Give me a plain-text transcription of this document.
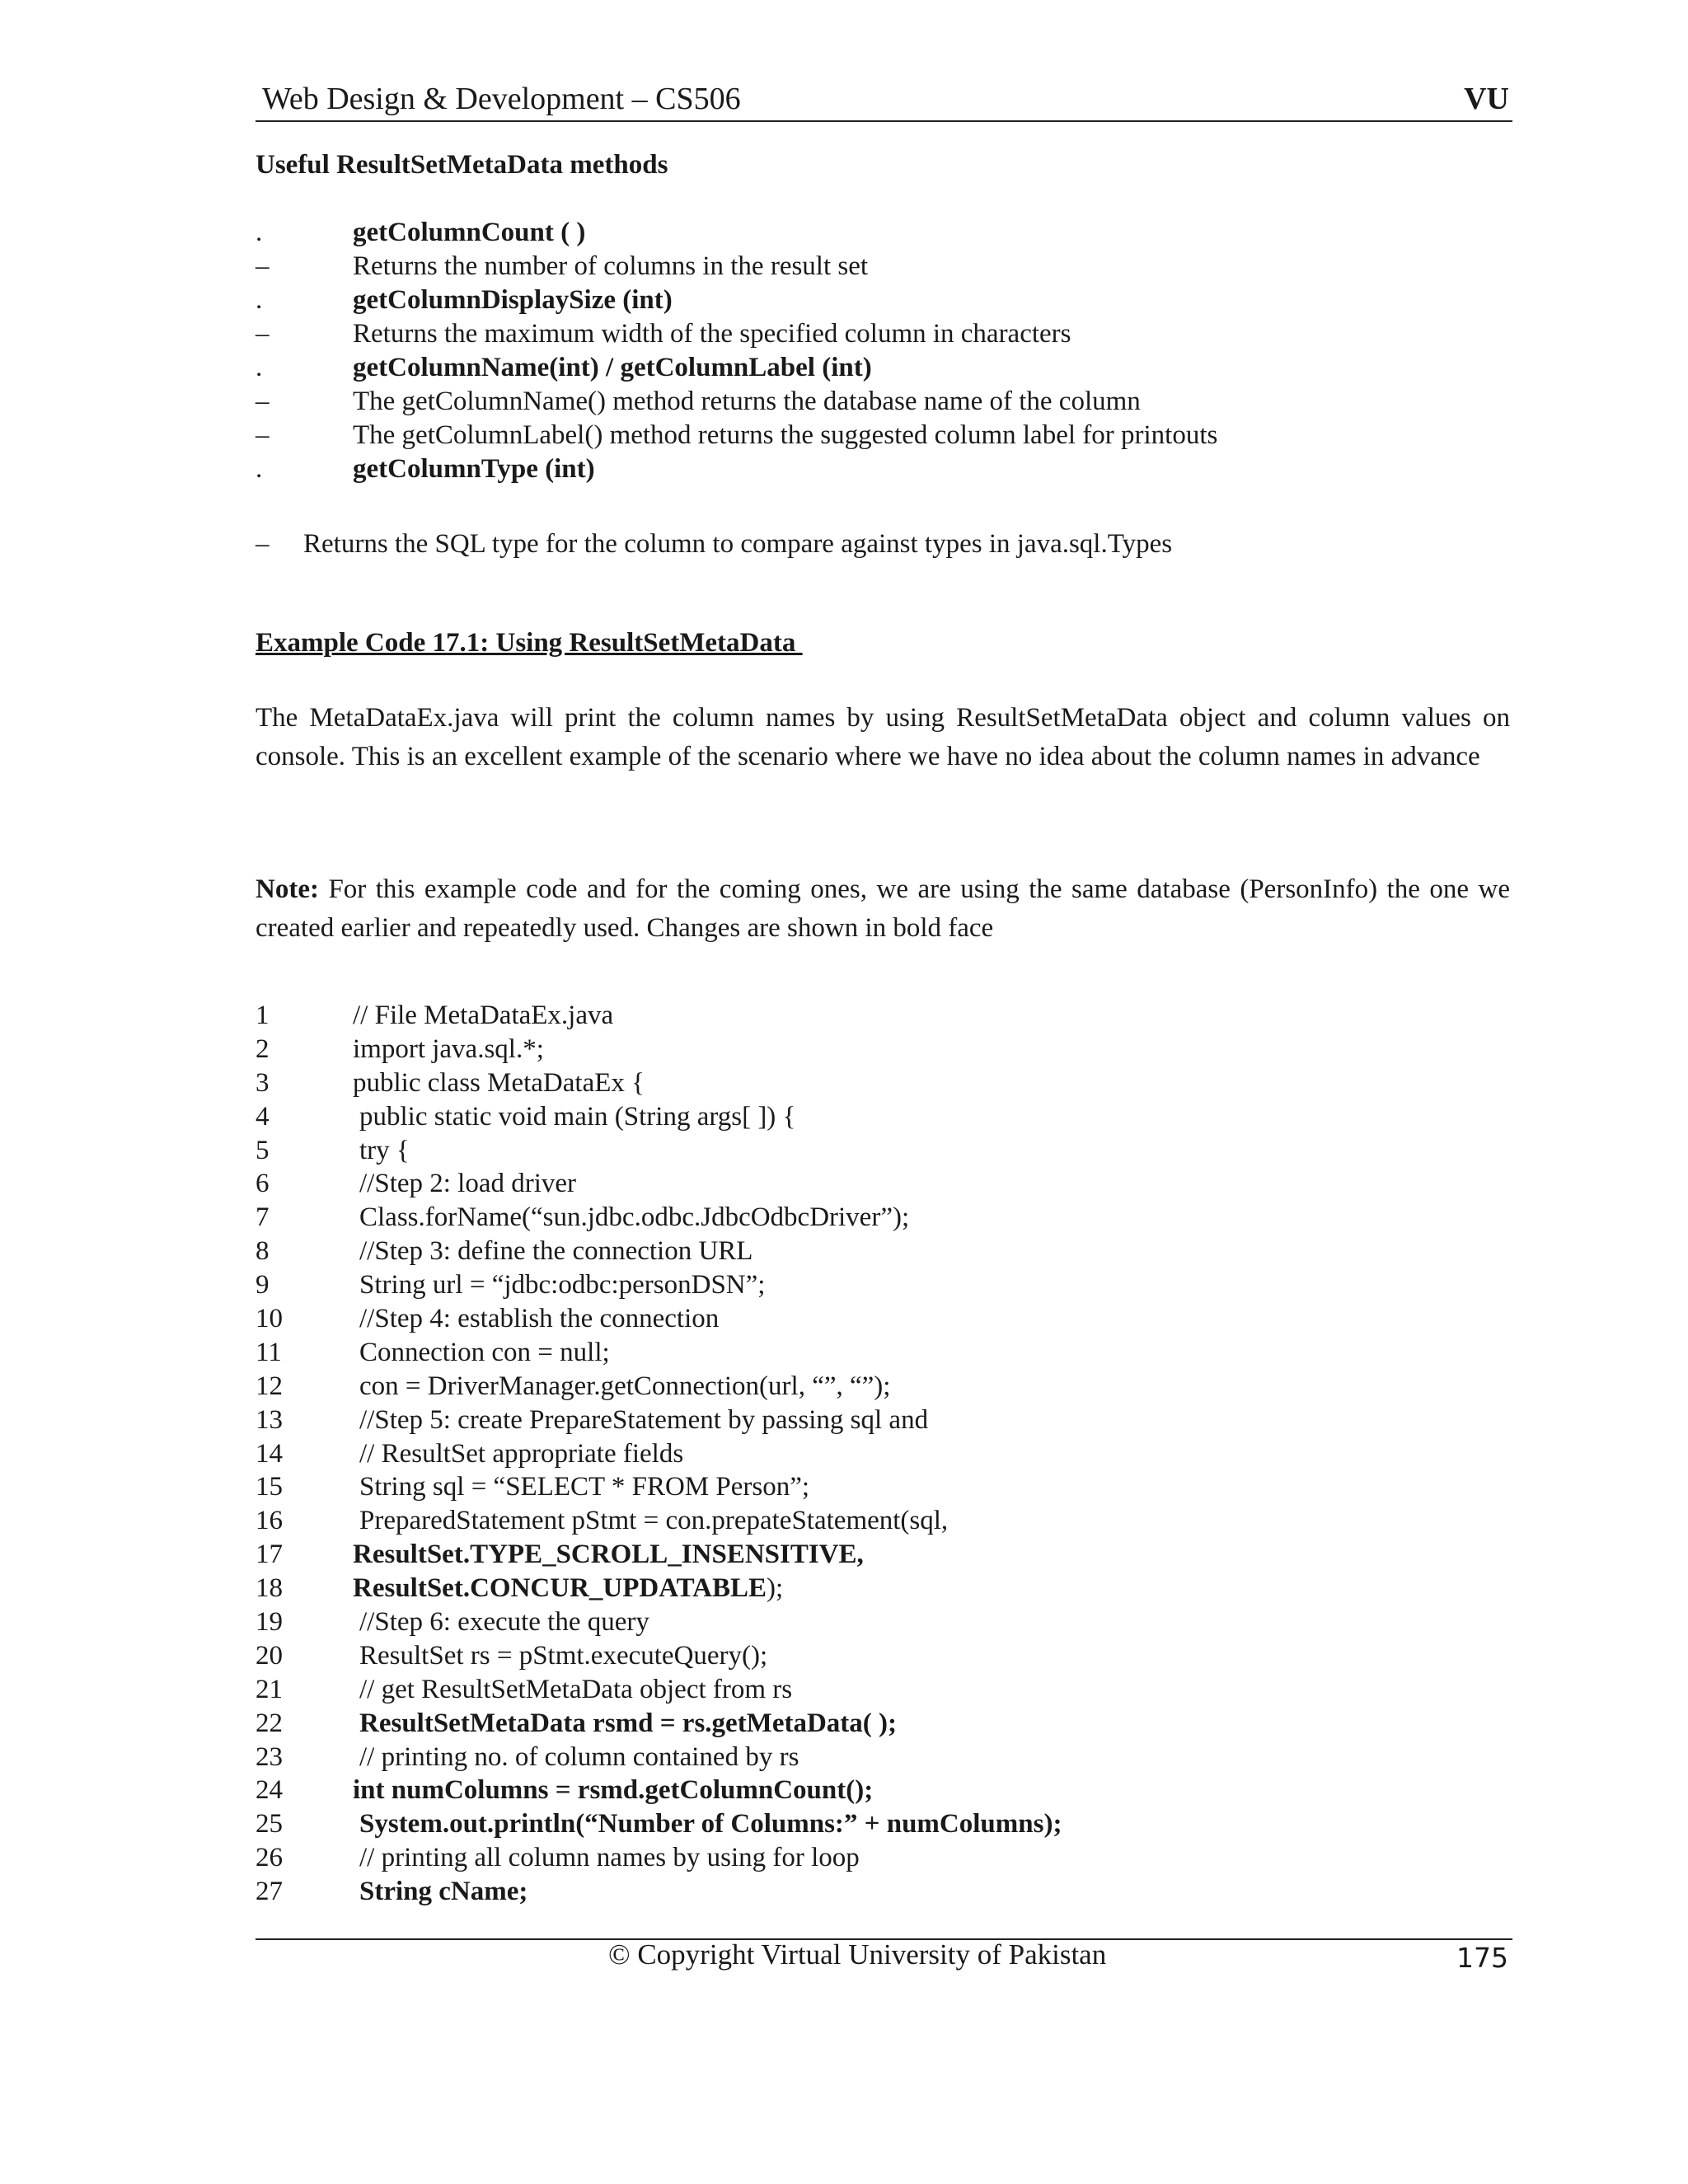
Web Design & Development – CS506	VU
Useful ResultSetMetaData methods
.	getColumnCount ( )
–	Returns the number of columns in the result set
.	getColumnDisplaySize (int)
–	Returns the maximum width of the specified column in characters
.	getColumnName(int) / getColumnLabel (int)
–	The getColumnName() method returns the database name of the column
–	The getColumnLabel() method returns the suggested column label for printouts
.	getColumnType (int)
– Returns the SQL type for the column to compare against types in java.sql.Types
Example Code 17.1: Using ResultSetMetaData
The MetaDataEx.java will print the column names by using ResultSetMetaData object and column values on console. This is an excellent example of the scenario where we have no idea about the column names in advance
Note: For this example code and for the coming ones, we are using the same database (PersonInfo) the one we created earlier and repeatedly used. Changes are shown in bold face
1	// File MetaDataEx.java
2	import java.sql.*;
3	public class MetaDataEx {
4	public static void main (String args[ ]) {
5	try {
6	//Step 2: load driver
7	Class.forName(“sun.jdbc.odbc.JdbcOdbcDriver”);
8	//Step 3: define the connection URL
9	String url = “jdbc:odbc:personDSN”;
10	//Step 4: establish the connection
11	Connection con = null;
12	con = DriverManager.getConnection(url, “”, “”);
13	//Step 5: create PrepareStatement by passing sql and
14	// ResultSet appropriate fields
15	String sql = “SELECT * FROM Person”;
16	PreparedStatement pStmt = con.prepateStatement(sql,
17	ResultSet.TYPE_SCROLL_INSENSITIVE,
18	ResultSet.CONCUR_UPDATABLE);
19	//Step 6: execute the query
20	ResultSet rs = pStmt.executeQuery();
21	// get ResultSetMetaData object from rs
22	ResultSetMetaData rsmd = rs.getMetaData( );
23	// printing no. of column contained by rs
24	int numColumns = rsmd.getColumnCount();
25	System.out.println(“Number of Columns:” + numColumns);
26	// printing all column names by using for loop
27	String cName;
© Copyright Virtual University of Pakistan	175
